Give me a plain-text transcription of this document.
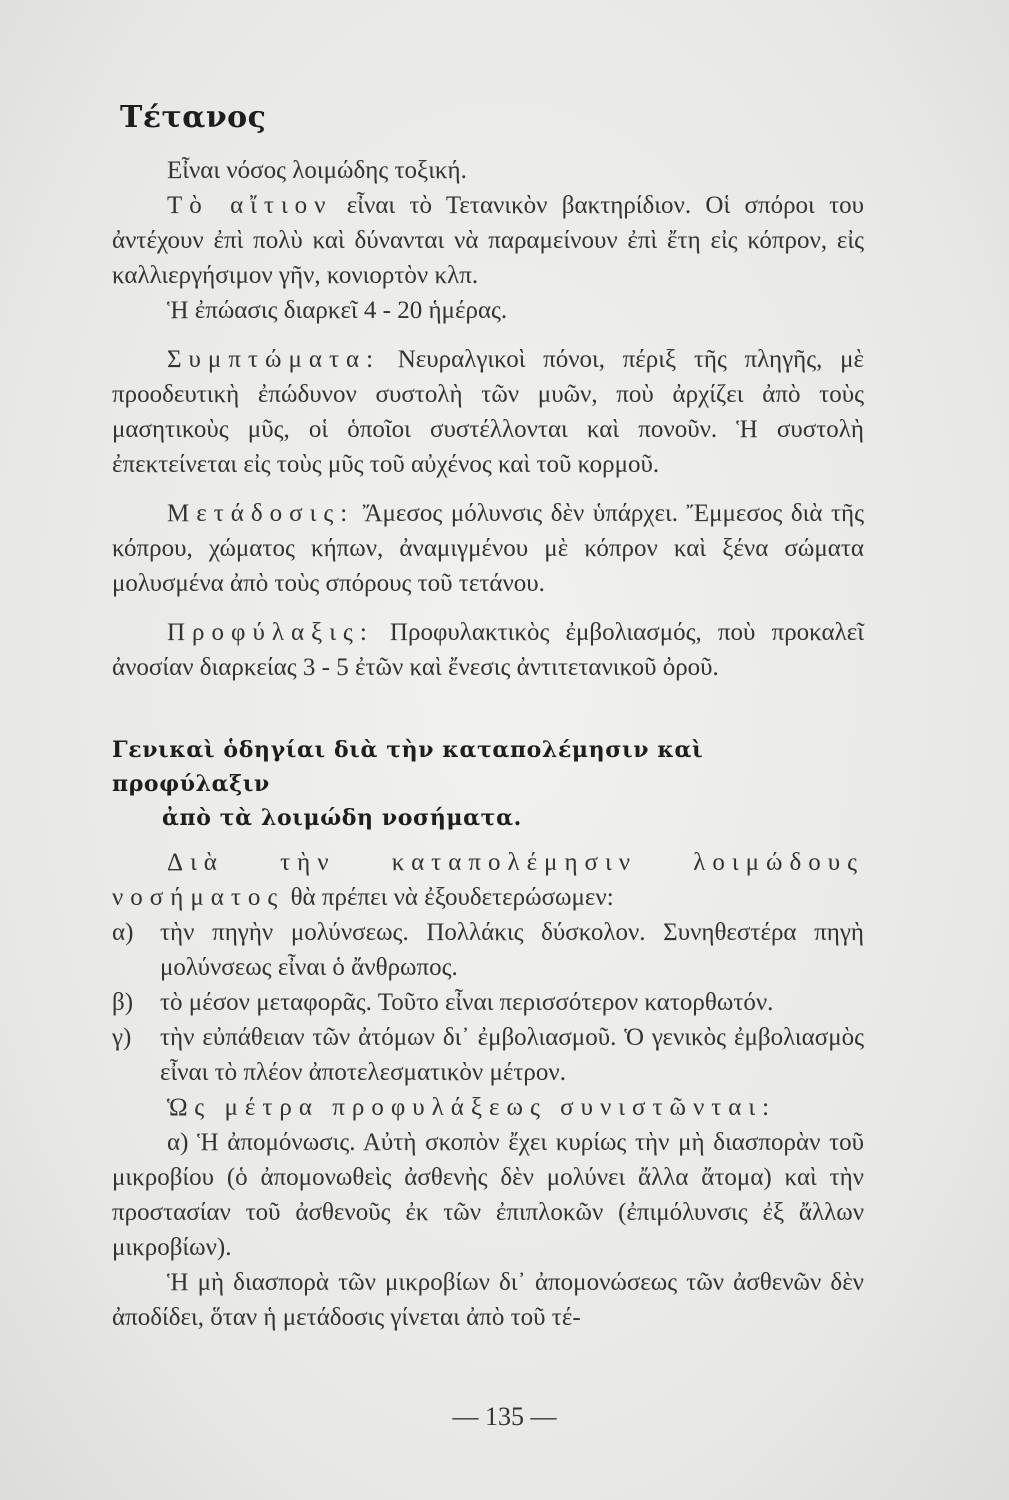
Τέτανος

Εἶναι νόσος λοιμώδης τοξική.

Τὸ αἴτιον εἶναι τὸ Τετανικὸν βακτηρίδιον. Οἱ σπόροι του ἀντέχουν ἐπὶ πολὺ καὶ δύνανται νὰ παραμείνουν ἐπὶ ἔτη εἰς κόπρον, εἰς καλλιεργήσιμον γῆν, κονιορτὸν κλπ.

Ἡ ἐπώασις διαρκεῖ 4 - 20 ἡμέρας.

Συμπτώματα: Νευραλγικοὶ πόνοι, πέριξ τῆς πληγῆς, μὲ προοδευτικὴ ἐπώδυνον συστολὴ τῶν μυῶν, ποὺ ἀρχίζει ἀπὸ τοὺς μασητικοὺς μῦς, οἱ ὁποῖοι συστέλλονται καὶ πονοῦν. Ἡ συστολὴ ἐπεκτείνεται εἰς τοὺς μῦς τοῦ αὐχένος καὶ τοῦ κορμοῦ.

Μετάδοσις: Ἄμεσος μόλυνσις δὲν ὑπάρχει. Ἔμμεσος διὰ τῆς κόπρου, χώματος κήπων, ἀναμιγμένου μὲ κόπρον καὶ ξένα σώματα μολυσμένα ἀπὸ τοὺς σπόρους τοῦ τετάνου.

Προφύλαξις: Προφυλακτικὸς ἐμβολιασμός, ποὺ προκαλεῖ ἀνοσίαν διαρκείας 3 - 5 ἐτῶν καὶ ἔνεσις ἀντιτετανικοῦ ὀροῦ.

Γενικαὶ ὁδηγίαι διὰ τὴν καταπολέμησιν καὶ προφύλαξιν
ἀπὸ τὰ λοιμώδη νοσήματα.

Διὰ τὴν καταπολέμησιν λοιμώδους νοσήματος θὰ πρέπει νὰ ἐξουδετερώσωμεν:

α)	τὴν πηγὴν μολύνσεως. Πολλάκις δύσκολον. Συνηθεστέρα πηγὴ μολύνσεως εἶναι ὁ ἄνθρωπος.
β)	τὸ μέσον μεταφορᾶς. Τοῦτο εἶναι περισσότερον κατορθωτόν.
γ)	τὴν εὐπάθειαν τῶν ἀτόμων δι᾽ ἐμβολιασμοῦ. Ὁ γενικὸς ἐμβολιασμὸς εἶναι τὸ πλέον ἀποτελεσματικὸν μέτρον.

Ὡς μέτρα προφυλάξεως συνιστῶνται:

α) Ἡ ἀπομόνωσις. Αὐτὴ σκοπὸν ἔχει κυρίως τὴν μὴ διασπορὰν τοῦ μικροβίου (ὁ ἀπομονωθεὶς ἀσθενὴς δὲν μολύνει ἄλλα ἄτομα) καὶ τὴν προστασίαν τοῦ ἀσθενοῦς ἐκ τῶν ἐπιπλοκῶν (ἐπιμόλυνσις ἐξ ἄλλων μικροβίων).

Ἡ μὴ διασπορὰ τῶν μικροβίων δι᾽ ἀπομονώσεως τῶν ἀσθενῶν δὲν ἀποδίδει, ὅταν ἡ μετάδοσις γίνεται ἀπὸ τοῦ τέ-

— 135 —
